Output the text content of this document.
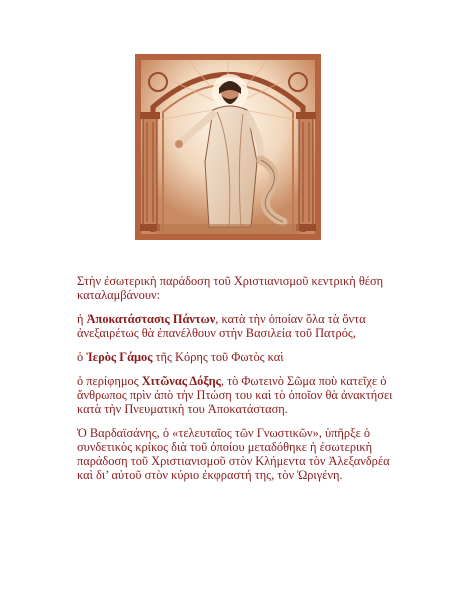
Στὴν ἐσωτερικὴ παράδοση τοῦ Χριστιανισμοῦ κεντρικὴ θέση καταλαμβάνουν:

ἡ Ἀποκατάστασις Πάντων, κατὰ τὴν ὁποίαν ὅλα τὰ ὄντα ἀνεξαιρέτως θὰ ἐπανέλθουν στὴν Βασιλεία τοῦ Πατρός,

ὁ Ἱερὸς Γάμος τῆς Κόρης τοῦ Φωτὸς καὶ

ὁ περίφημος Χιτῶνας Δόξης, τὸ Φωτεινὸ Σῶμα ποὺ κατεῖχε ὁ ἄνθρωπος πρὶν ἀπὸ τὴν Πτώση του καὶ τὸ ὁποῖον θὰ ἀνακτήσει κατὰ τὴν Πνευματικὴ του Ἀποκατάσταση.

Ὁ Βαρδαϊσάνης, ὁ «τελευταῖος τῶν Γνωστικῶν», ὑπῆρξε ὁ συνδετικὸς κρίκος διὰ τοῦ ὁποίου μεταδόθηκε ἡ ἐσωτερικὴ παράδοση τοῦ Χριστιανισμοῦ στὸν Κλήμεντα τὸν Ἀλεξανδρέα καὶ δι’ αὐτοῦ στὸν κύριο ἐκφραστή της, τὸν Ὠριγένη.
